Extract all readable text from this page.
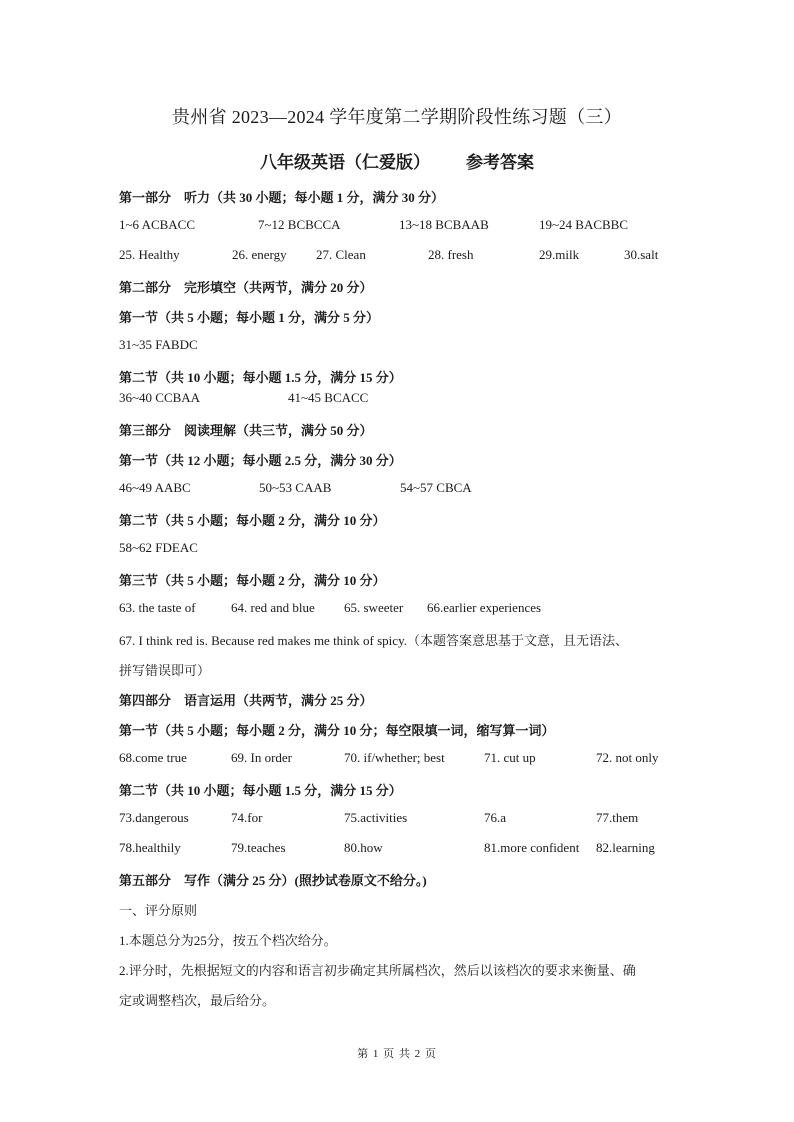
贵州省 2023—2024 学年度第二学期阶段性练习题（三）
八年级英语（仁爱版） 参考答案
第一部分　听力（共 30 小题；每小题 1 分，满分 30 分）
1~6 ACBACC	7~12 BCBCCA	13~18 BCBAAB	19~24 BACBBC
25. Healthy	26. energy 27. Clean	28. fresh	29.milk	30.salt
第二部分　完形填空（共两节，满分 20 分）
第一节（共 5 小题；每小题 1 分，满分 5 分）
31~35 FABDC
第二节（共 10 小题；每小题 1.5 分，满分 15 分）
36~40 CCBAA	41~45 BCACC
第三部分　阅读理解（共三节，满分 50 分）
第一节（共 12 小题；每小题 2.5 分，满分 30 分）
46~49 AABC	50~53 CAAB	54~57 CBCA
第二节（共 5 小题；每小题 2 分，满分 10 分）
58~62 FDEAC
第三节（共 5 小题；每小题 2 分，满分 10 分）
63. the taste of	64. red and blue 65. sweeter 66.earlier experiences
67. I think red is. Because red makes me think of spicy.（本题答案意思基于文意，且无语法、
拼写错误即可）
第四部分　语言运用（共两节，满分 25 分）
第一节（共 5 小题；每小题 2 分，满分 10 分；每空限填一词，缩写算一词）
68.come true	69. In order	70. if/whether; best	71. cut up	72. not only
第二节（共 10 小题；每小题 1.5 分，满分 15 分）
73.dangerous	74.for	75.activities	76.a	77.them
78.healthily	79.teaches	80.how	81.more confident 82.learning
第五部分　写作（满分 25 分）(照抄试卷原文不给分。)
一、评分原则
1.本题总分为25分，按五个档次给分。
2.评分时，先根据短文的内容和语言初步确定其所属档次，然后以该档次的要求来衡量、确
定或调整档次，最后给分。
第 1 页 共 2 页
